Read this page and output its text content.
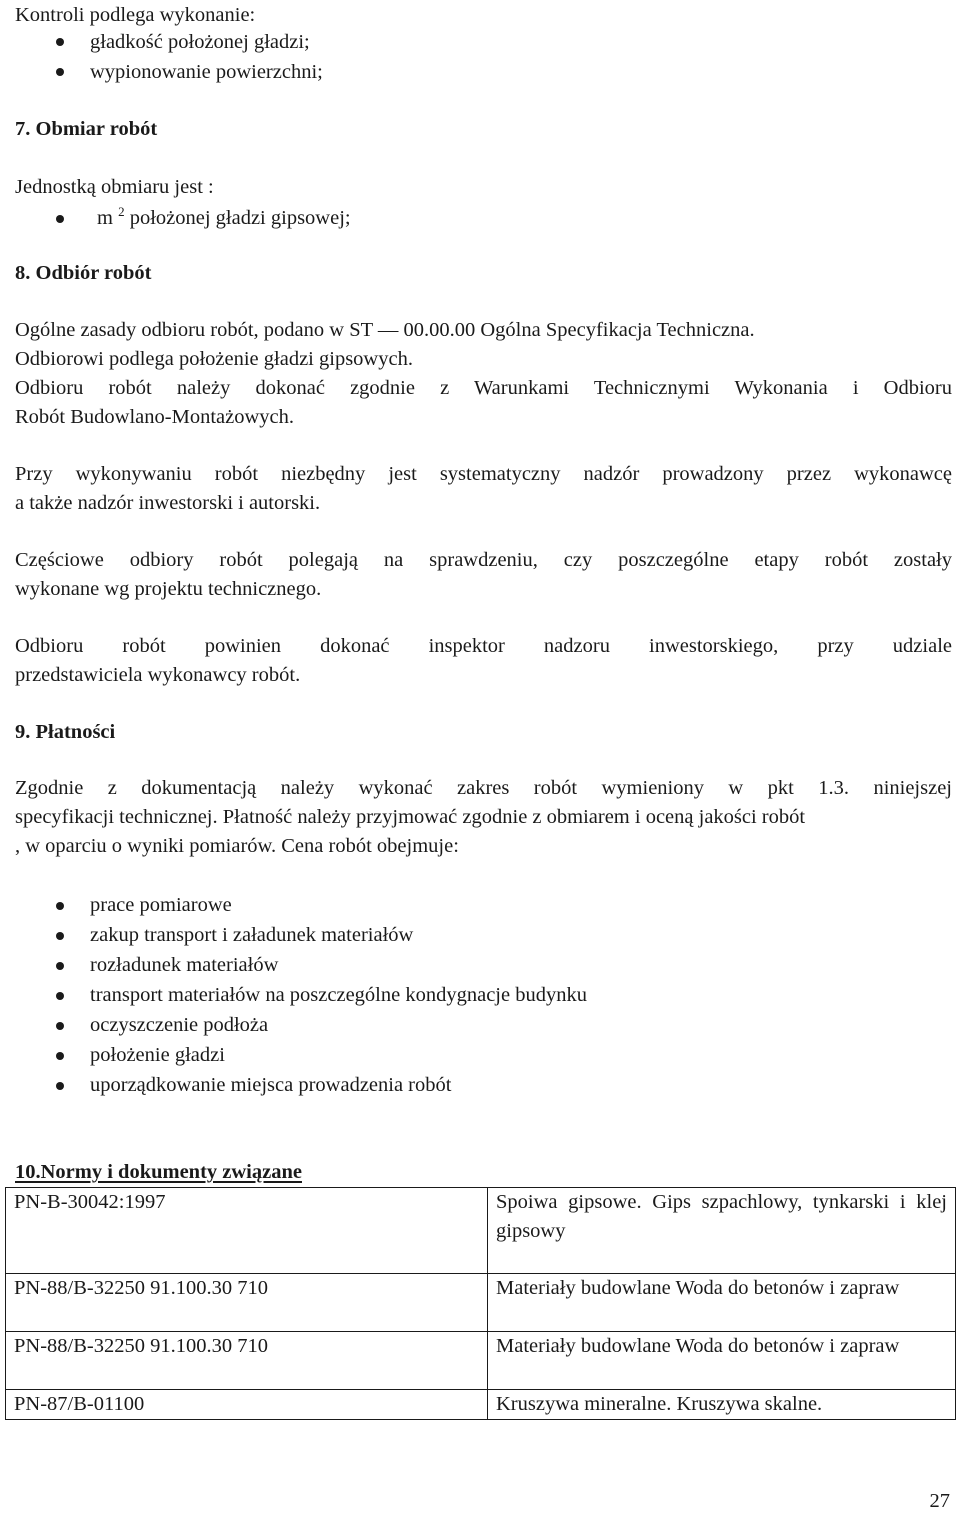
Kontroli podlega wykonanie:
gładkość położonej gładzi;
wypionowanie powierzchni;
7. Obmiar robót
Jednostką obmiaru jest :
m $^2$ położonej gładzi gipsowej;
8. Odbiór robót
Ogólne zasady odbioru robót, podano w ST — 00.00.00 Ogólna Specyfikacja Techniczna.
Odbiorowi podlega położenie gładzi gipsowych.
Odbioru robót należy dokonać zgodnie z Warunkami Technicznymi Wykonania i Odbioru
Robót Budowlano-Montażowych.
Przy wykonywaniu robót niezbędny jest systematyczny nadzór prowadzony przez wykonawcę
a także nadzór inwestorski i autorski.
Częściowe odbiory robót polegają na sprawdzeniu, czy poszczególne etapy robót zostały
wykonane wg projektu technicznego.
Odbioru robót powinien dokonać inspektor nadzoru inwestorskiego, przy udziale
przedstawiciela wykonawcy robót.
9. Płatności
Zgodnie z dokumentacją należy wykonać zakres robót wymieniony w pkt 1.3. niniejszej
specyfikacji technicznej. Płatność należy przyjmować zgodnie z obmiarem i oceną jakości robót
, w oparciu o wyniki pomiarów. Cena robót obejmuje:
prace pomiarowe
zakup transport i załadunek materiałów
rozładunek materiałów
transport materiałów na poszczególne kondygnacje budynku
oczyszczenie podłoża
położenie gładzi
uporządkowanie miejsca prowadzenia robót
10.Normy i dokumenty związane
PN-B-30042:1997	Spoiwa gipsowe. Gips szpachlowy, tynkarski i klej gipsowy
PN-88/B-32250 91.100.30 710	Materiały budowlane Woda do betonów i zapraw
PN-88/B-32250 91.100.30 710	Materiały budowlane Woda do betonów i zapraw
PN-87/B-01100	Kruszywa mineralne. Kruszywa skalne.
27
